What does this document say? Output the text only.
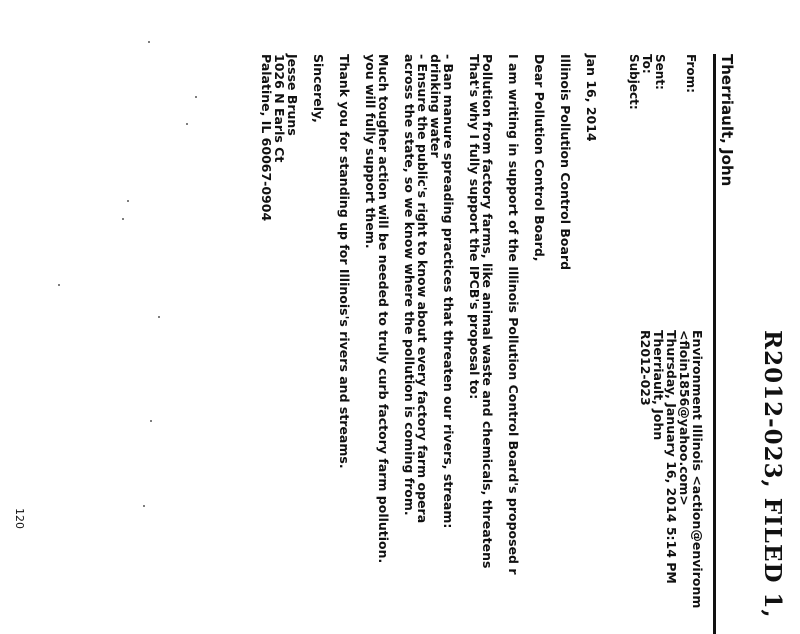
R2012-023, FILED 1,
Therriault, John
From:
Sent:
To:
Subject:
Environment Illinois <action@environm
<floin1856@yahoo.com>
Thursday, January 16, 2014 5:14 PM
Therriault, John
R2012-023
Jan 16, 2014
Illinois Pollution Control Board
Dear Pollution Control Board,
I am writing in support of the Illinois Pollution Control Board's proposed r
Pollution from factory farms, like animal waste and chemicals, threatens
That's why I fully support the IPCB's proposal to:
- Ban manure spreading practices that threaten our rivers, stream:
drinking water
- Ensure the public's right to know about every factory farm opera
across the state, so we know where the pollution is coming from.
Much tougher action will be needed to truly curb factory farm pollution.
you will fully support them.
Thank you for standing up for Illinois's rivers and streams.
Sincerely,
Jesse Bruns
1026 N Earls Ct
Palatine, IL 60067-0904
120
